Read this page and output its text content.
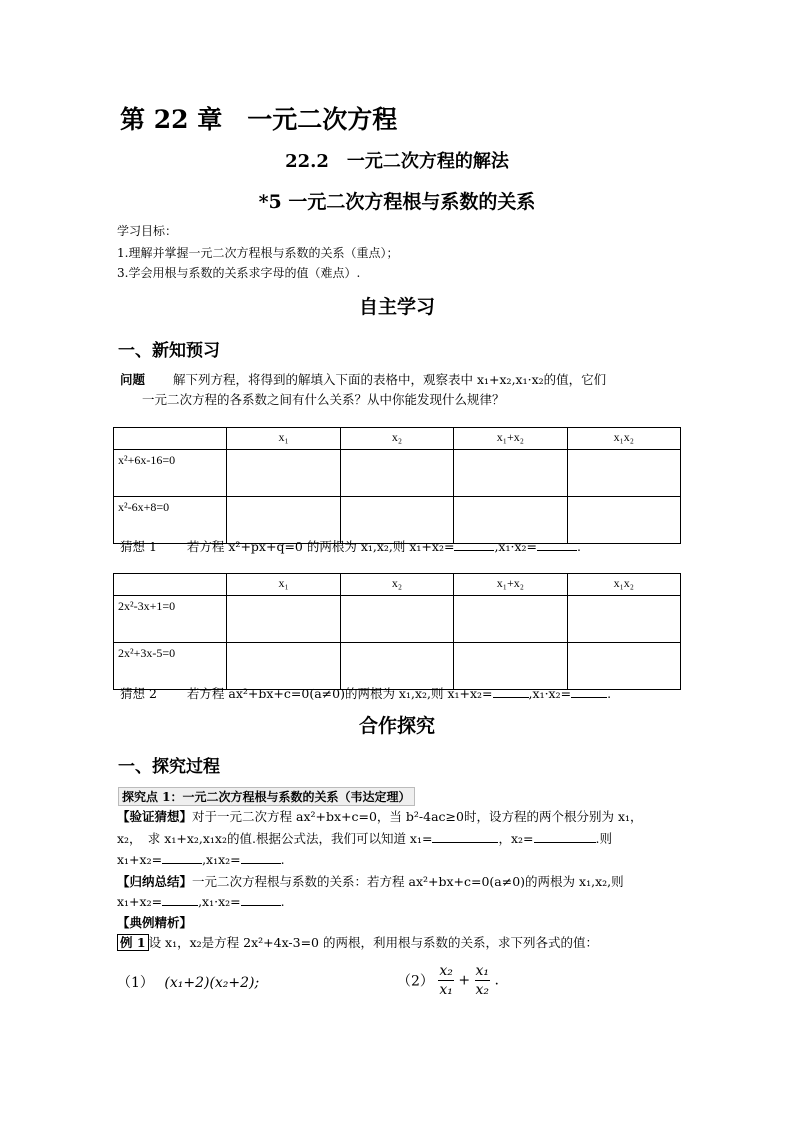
第 22 章　一元二次方程
22.2　一元二次方程的解法
*5 一元二次方程根与系数的关系
学习目标：
1.理解并掌握一元二次方程根与系数的关系（重点）；
3.学会用根与系数的关系求字母的值（难点）.
自主学习
一、新知预习
问题 解下列方程，将得到的解填入下面的表格中，观察表中 x₁+x₂,x₁·x₂的值，它们
一元二次方程的各系数之间有什么关系？从中你能发现什么规律？
	x₁	x₂	x₁+x₂	x₁x₂
x²+6x-16=0				
x²-6x+8=0				
猜想 1 若方程 x²+px+q=0 的两根为 x₁,x₂,则 x₁+x₂=	,x₁·x₂=	.
	x₁	x₂	x₁+x₂	x₁x₂
2x²-3x+1=0				
2x²+3x-5=0				
猜想 2 若方程 ax²+bx+c=0(a≠0)的两根为 x₁,x₂,则 x₁+x₂=	,x₁·x₂=	.
合作探究
一、探究过程
探究点 1：一元二次方程根与系数的关系（韦达定理）
【验证猜想】对于一元二次方程 ax²+bx+c=0，当 b²-4ac≥0时，设方程的两个根分别为 x₁，
x₂，　求 x₁+x₂,x₁x₂的值.根据公式法，我们可以知道 x₁=	，x₂=	.则
x₁+x₂=	,x₁x₂=	.
【归纳总结】一元二次方程根与系数的关系：若方程 ax²+bx+c=0(a≠0)的两根为 x₁,x₂,则
x₁+x₂=	,x₁·x₂=	.
【典例精析】
例 1 设 x₁，x₂是方程 2x²+4x-3=0 的两根，利用根与系数的关系，求下列各式的值：
（1） (x₁+2)(x₂+2);	$(2) \frac{\text{x₂}}{\text{x₁}} + \frac{\text{x₁}}{\text{x₂}}$ .
